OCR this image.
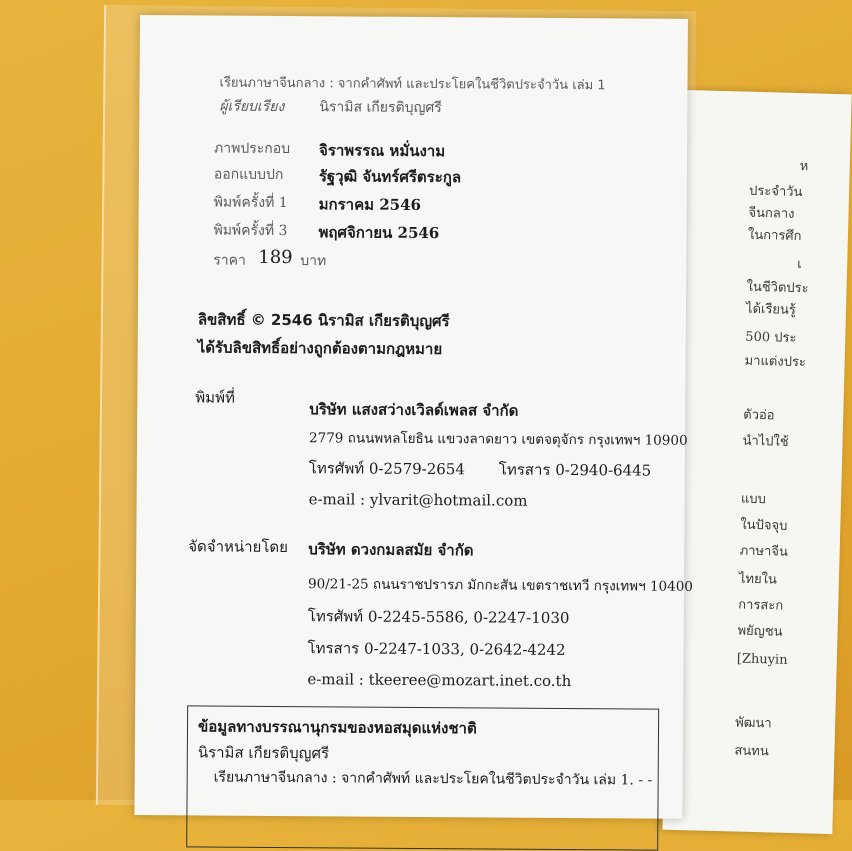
ห
ประจำวัน
จีนกลาง
ในการศึก
เ
ในชีวิตประ
ได้เรียนรู้
500 ประ
มาแต่งประ
ตัวอ่อ
นำไปใช้
แบบ
ในปัจจุบ
ภาษาจีน
ไทยใน
การสะก
พยัญชน
[Zhuyin
พัฒนา
สนทน
เรียนภาษาจีนกลาง : จากคำศัพท์ และประโยคในชีวิตประจำวัน เล่ม 1
ผู้เรียบเรียง นิรามิส เกียรติบุญศรี
ภาพประกอบ จิราพรรณ หมั่นงาม
ออกแบบปก รัฐวุฒิ จันทร์ศรีตระกูล
พิมพ์ครั้งที่ 1 มกราคม 2546
พิมพ์ครั้งที่ 3 พฤศจิกายน 2546
ราคา 189 บาท
ลิขสิทธิ์ © 2546 นิรามิส เกียรติบุญศรี
ได้รับลิขสิทธิ์อย่างถูกต้องตามกฎหมาย
พิมพ์ที่
บริษัท แสงสว่างเวิลด์เพลส จำกัด
2779 ถนนพหลโยธิน แขวงลาดยาว เขตจตุจักร กรุงเทพฯ 10900
โทรศัพท์ 0-2579-2654 โทรสาร 0-2940-6445
e-mail : ylvarit@hotmail.com
จัดจำหน่ายโดย บริษัท ดวงกมลสมัย จำกัด
90/21-25 ถนนราชปรารภ มักกะสัน เขตราชเทวี กรุงเทพฯ 10400
โทรศัพท์ 0-2245-5586, 0-2247-1030
โทรสาร 0-2247-1033, 0-2642-4242
e-mail : tkeeree@mozart.inet.co.th
ข้อมูลทางบรรณานุกรมของหอสมุดแห่งชาติ
นิรามิส เกียรติบุญศรี
เรียนภาษาจีนกลาง : จากคำศัพท์ และประโยคในชีวิตประจำวัน เล่ม 1. - -
